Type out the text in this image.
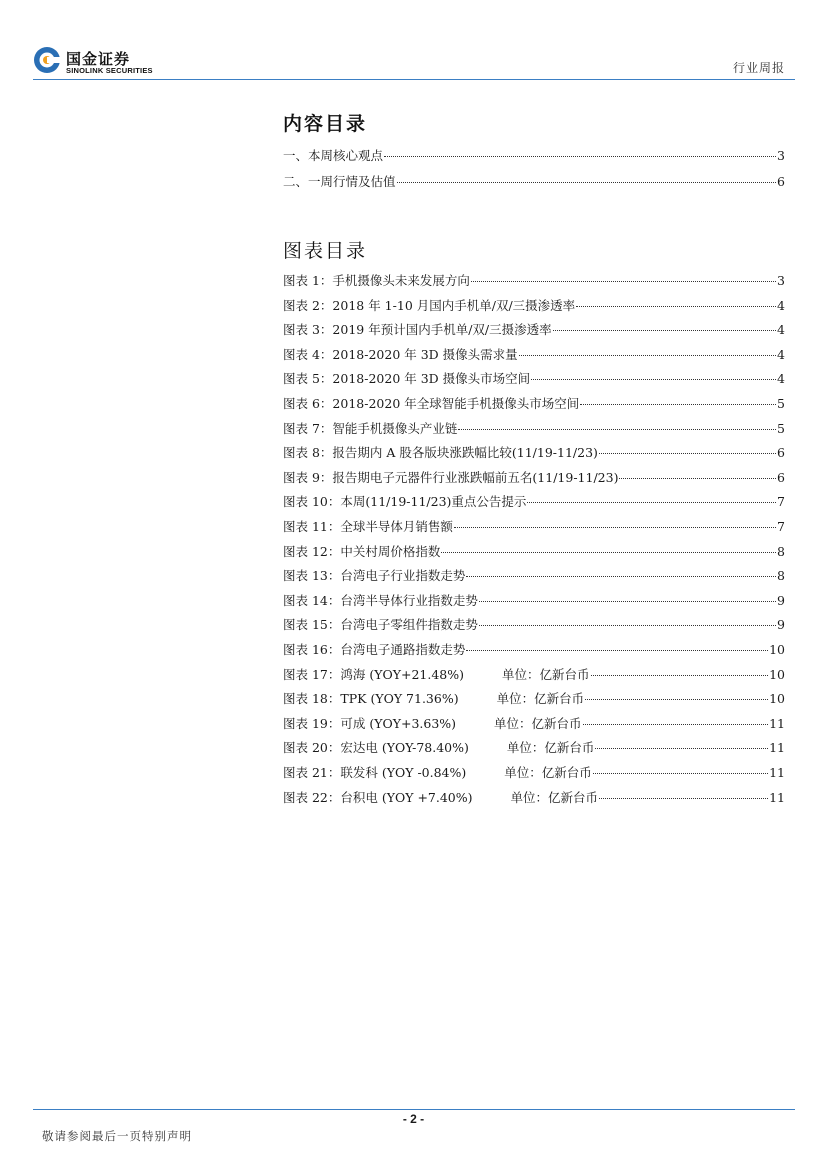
国金证券
SINOLINK SECURITIES	行业周报
内容目录
一、本周核心观点	3
二、一周行情及估值	6
图表目录
图表 1：手机摄像头未来发展方向	3
图表 2：2018 年 1-10 月国内手机单/双/三摄渗透率	4
图表 3：2019 年预计国内手机单/双/三摄渗透率	4
图表 4：2018-2020 年 3D 摄像头需求量	4
图表 5：2018-2020 年 3D 摄像头市场空间	4
图表 6：2018-2020 年全球智能手机摄像头市场空间	5
图表 7：智能手机摄像头产业链	5
图表 8：报告期内 A 股各版块涨跌幅比较(11/19-11/23)	6
图表 9：报告期电子元器件行业涨跌幅前五名(11/19-11/23)	6
图表 10：本周(11/19-11/23)重点公告提示	7
图表 11：全球半导体月销售额	7
图表 12：中关村周价格指数	8
图表 13：台湾电子行业指数走势	8
图表 14：台湾半导体行业指数走势	9
图表 15：台湾电子零组件指数走势	9
图表 16：台湾电子通路指数走势	10
图表 17：鸿海 (YOY+21.48%)	单位：亿新台币	10
图表 18：TPK (YOY 71.36%)	单位：亿新台币	10
图表 19：可成 (YOY+3.63%)	单位：亿新台币	11
图表 20：宏达电 (YOY-78.40%)	单位：亿新台币	11
图表 21：联发科 (YOY -0.84%)	单位：亿新台币	11
图表 22：台积电 (YOY +7.40%)	单位：亿新台币	11
- 2 -
敬请参阅最后一页特别声明
